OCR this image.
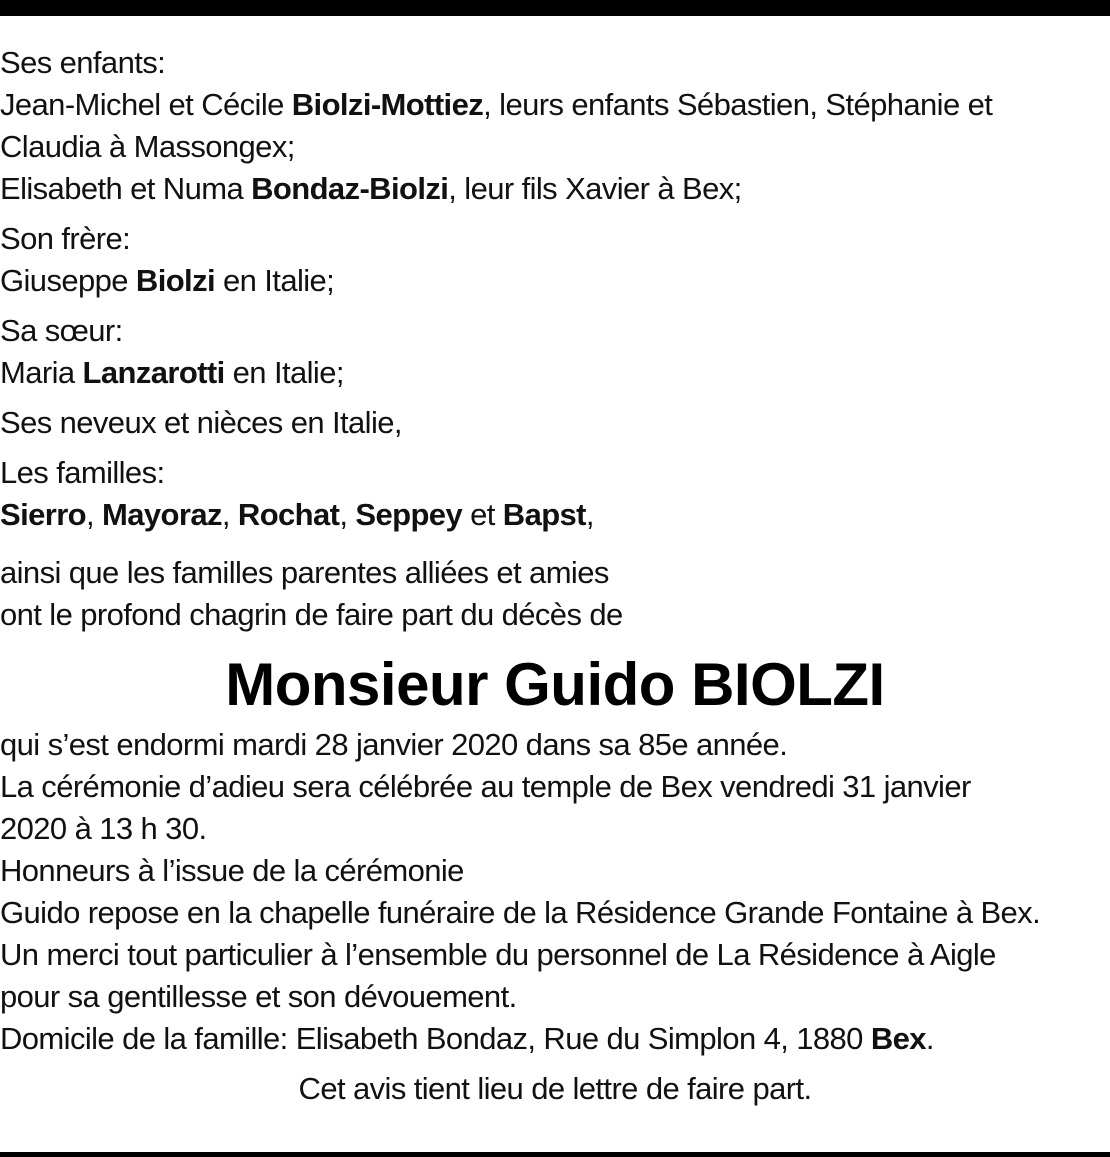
Ses enfants:

Jean-Michel et Cécile Biolzi-Mottiez, leurs enfants Sébastien, Stéphanie et

Claudia à Massongex;

Elisabeth et Numa Bondaz-Biolzi, leur fils Xavier à Bex;

Son frère:

Giuseppe Biolzi en Italie;

Sa sœur:

Maria Lanzarotti en Italie;

Ses neveux et nièces en Italie,

Les familles:

Sierro, Mayoraz, Rochat, Seppey et Bapst,

ainsi que les familles parentes alliées et amies

ont le profond chagrin de faire part du décès de

Monsieur Guido BIOLZI

qui s’est endormi mardi 28 janvier 2020 dans sa 85e année.

La cérémonie d’adieu sera célébrée au temple de Bex vendredi 31 janvier

2020 à 13 h 30.

Honneurs à l’issue de la cérémonie

Guido repose en la chapelle funéraire de la Résidence Grande Fontaine à Bex.

Un merci tout particulier à l’ensemble du personnel de La Résidence à Aigle

pour sa gentillesse et son dévouement.

Domicile de la famille: Elisabeth Bondaz, Rue du Simplon 4, 1880 Bex.

Cet avis tient lieu de lettre de faire part.
